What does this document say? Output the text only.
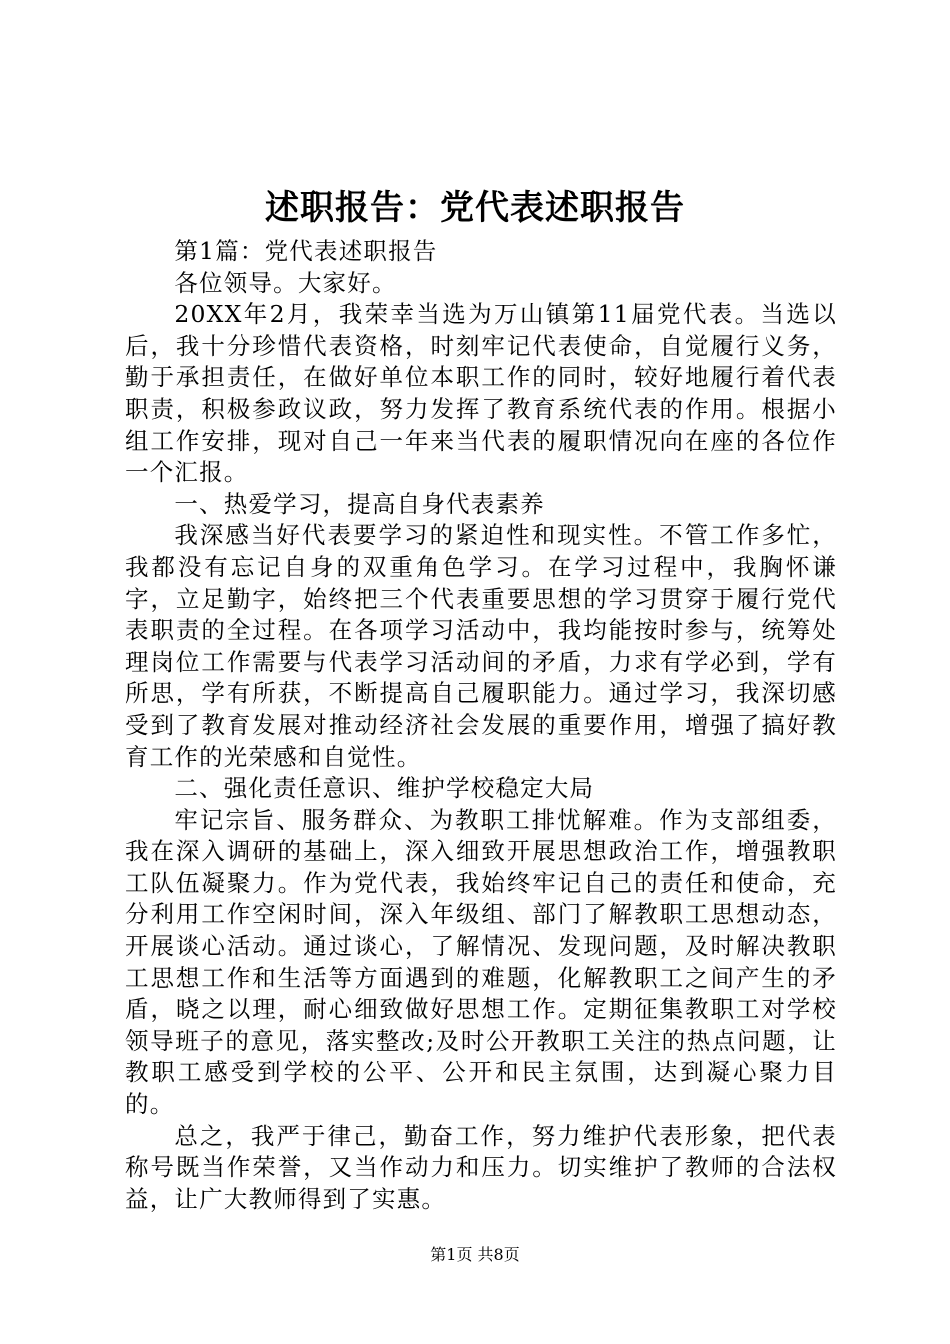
述职报告：党代表述职报告

第1篇：党代表述职报告

各位领导。大家好。

20XX年2月，我荣幸当选为万山镇第11届党代表。当选以后，我十分珍惜代表资格，时刻牢记代表使命，自觉履行义务，勤于承担责任，在做好单位本职工作的同时，较好地履行着代表职责，积极参政议政，努力发挥了教育系统代表的作用。根据小组工作安排，现对自己一年来当代表的履职情况向在座的各位作一个汇报。

一、热爱学习，提高自身代表素养

我深感当好代表要学习的紧迫性和现实性。不管工作多忙，我都没有忘记自身的双重角色学习。在学习过程中，我胸怀谦字，立足勤字，始终把三个代表重要思想的学习贯穿于履行党代表职责的全过程。在各项学习活动中，我均能按时参与，统筹处理岗位工作需要与代表学习活动间的矛盾，力求有学必到，学有所思，学有所获，不断提高自己履职能力。通过学习，我深切感受到了教育发展对推动经济社会发展的重要作用，增强了搞好教育工作的光荣感和自觉性。

二、强化责任意识、维护学校稳定大局

牢记宗旨、服务群众、为教职工排忧解难。作为支部组委，我在深入调研的基础上，深入细致开展思想政治工作，增强教职工队伍凝聚力。作为党代表，我始终牢记自己的责任和使命，充分利用工作空闲时间，深入年级组、部门了解教职工思想动态，开展谈心活动。通过谈心，了解情况、发现问题，及时解决教职工思想工作和生活等方面遇到的难题，化解教职工之间产生的矛盾，晓之以理，耐心细致做好思想工作。定期征集教职工对学校领导班子的意见，落实整改;及时公开教职工关注的热点问题，让教职工感受到学校的公平、公开和民主氛围，达到凝心聚力目的。

总之，我严于律己，勤奋工作，努力维护代表形象，把代表称号既当作荣誉，又当作动力和压力。切实维护了教师的合法权益，让广大教师得到了实惠。

第1页 共8页
